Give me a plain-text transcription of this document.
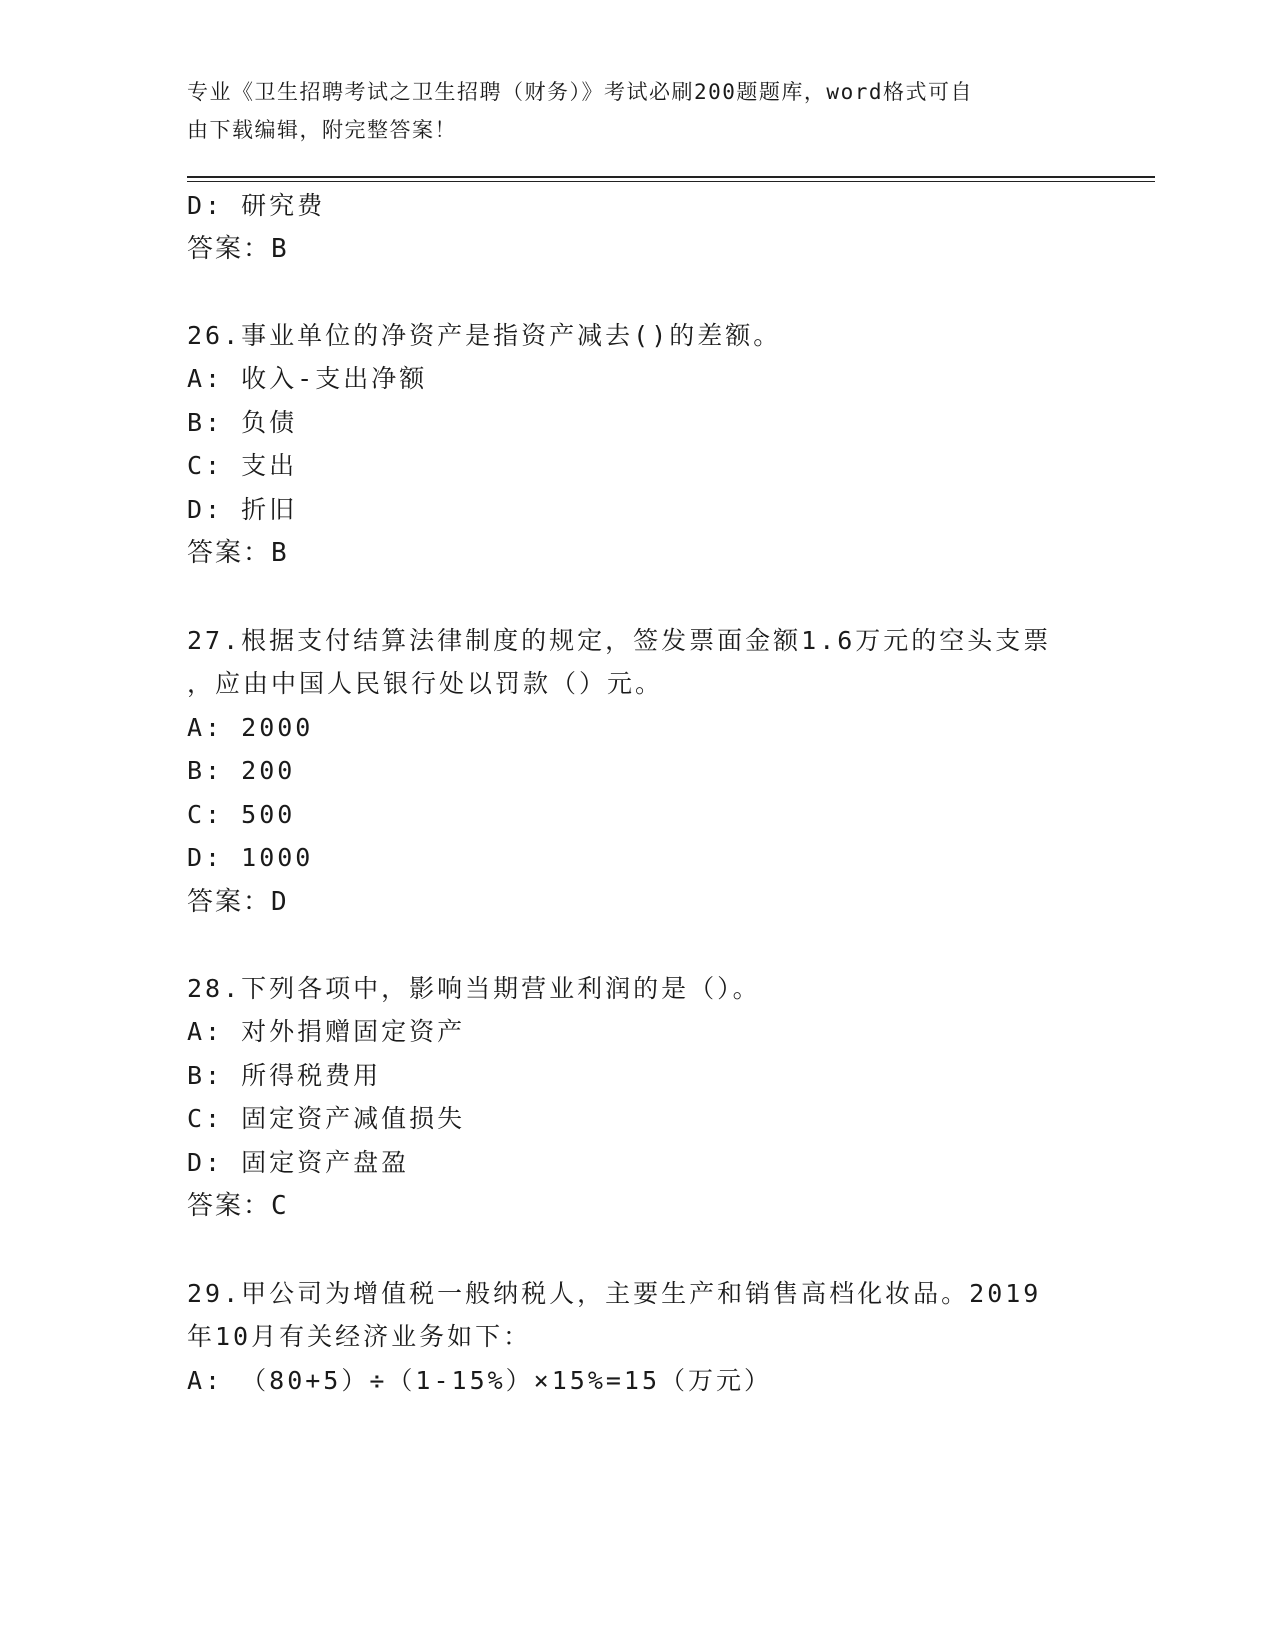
专业《卫生招聘考试之卫生招聘（财务）》考试必刷200题题库，word格式可自
由下载编辑，附完整答案！
D: 研究费
答案：B
26.事业单位的净资产是指资产减去()的差额。
A: 收入-支出净额
B: 负债
C: 支出
D: 折旧
答案：B
27.根据支付结算法律制度的规定，签发票面金额1.6万元的空头支票
，应由中国人民银行处以罚款（）元。
A: 2000
B: 200
C: 500
D: 1000
答案：D
28.下列各项中，影响当期营业利润的是（）。
A: 对外捐赠固定资产
B: 所得税费用
C: 固定资产减值损失
D: 固定资产盘盈
答案：C
29.甲公司为增值税一般纳税人，主要生产和销售高档化妆品。2019
年10月有关经济业务如下：
A: （80+5）÷（1-15%）×15%=15（万元）
